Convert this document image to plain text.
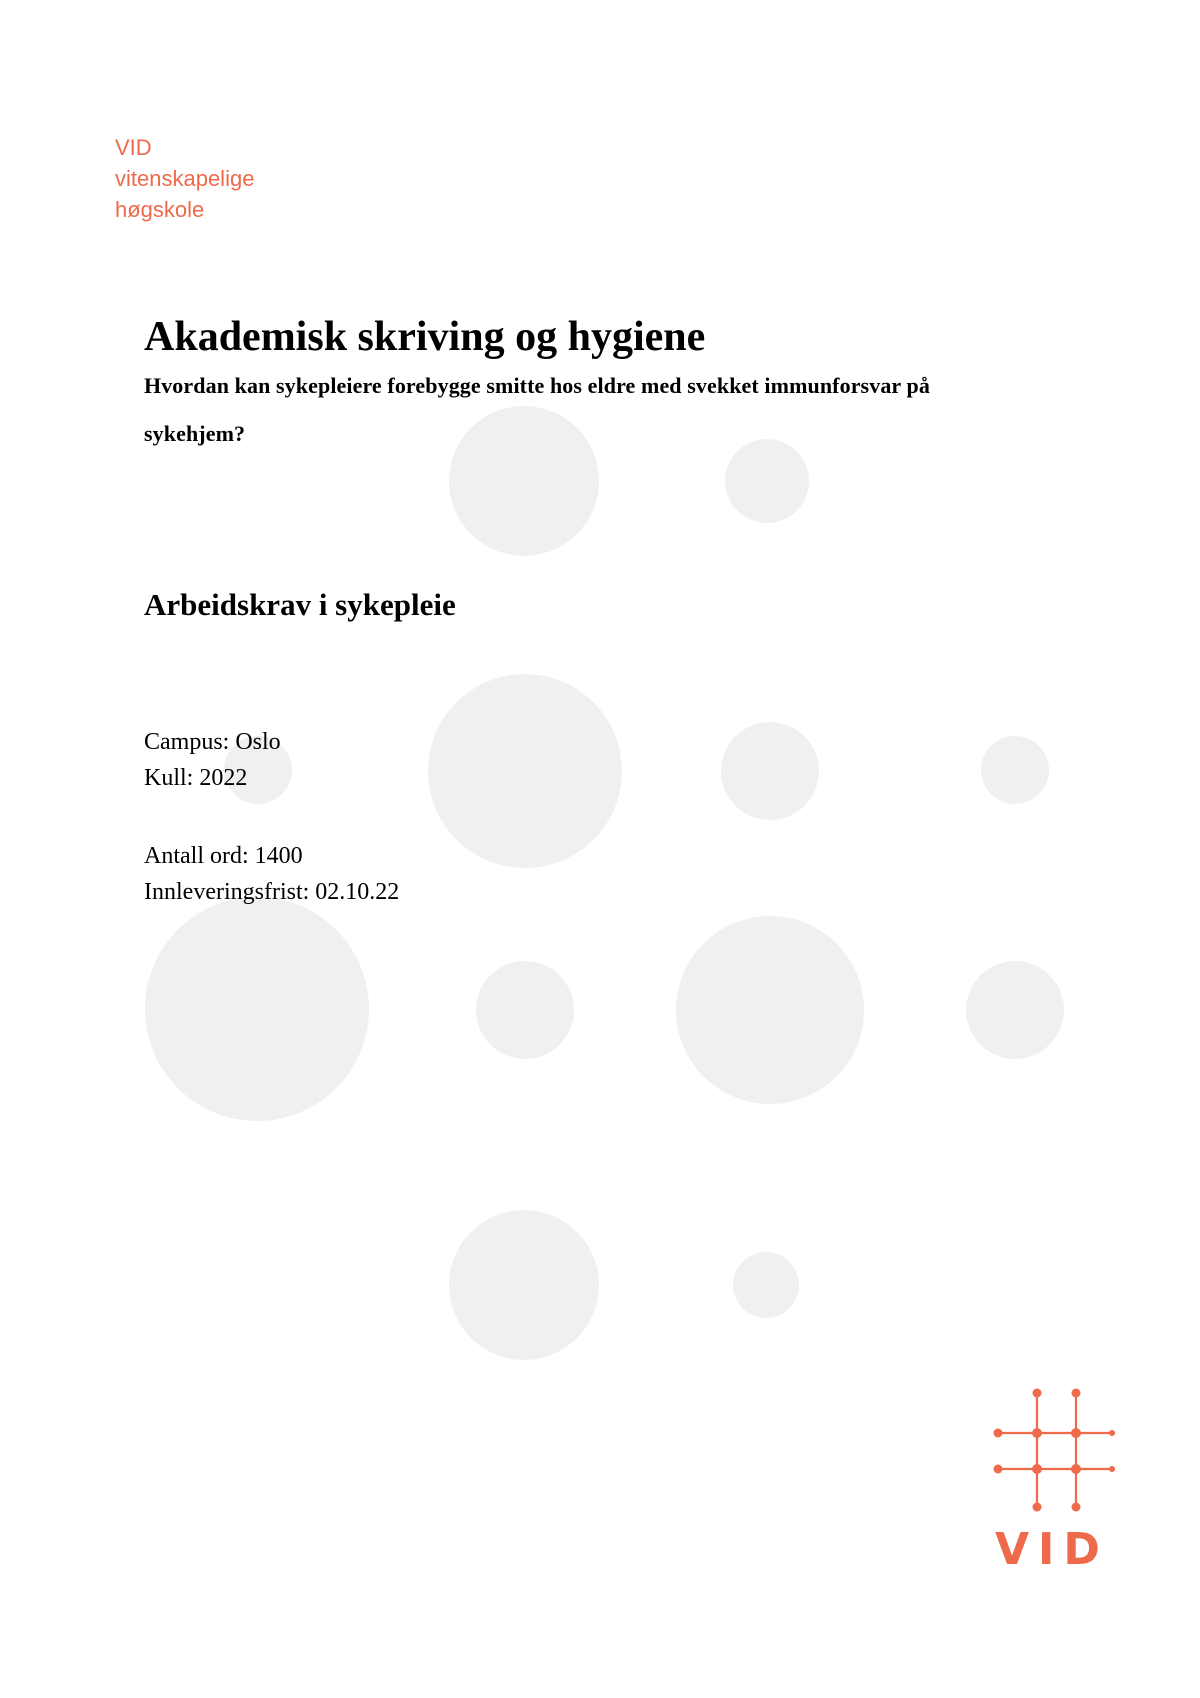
VID
vitenskapelige
høgskole
Akademisk skriving og hygiene

Hvordan kan sykepleiere forebygge smitte hos eldre med svekket immunforsvar på sykehjem?

Arbeidskrav i sykepleie
Campus: Oslo
Kull: 2022
Antall ord: 1400
Innleveringsfrist: 02.10.22
VID
